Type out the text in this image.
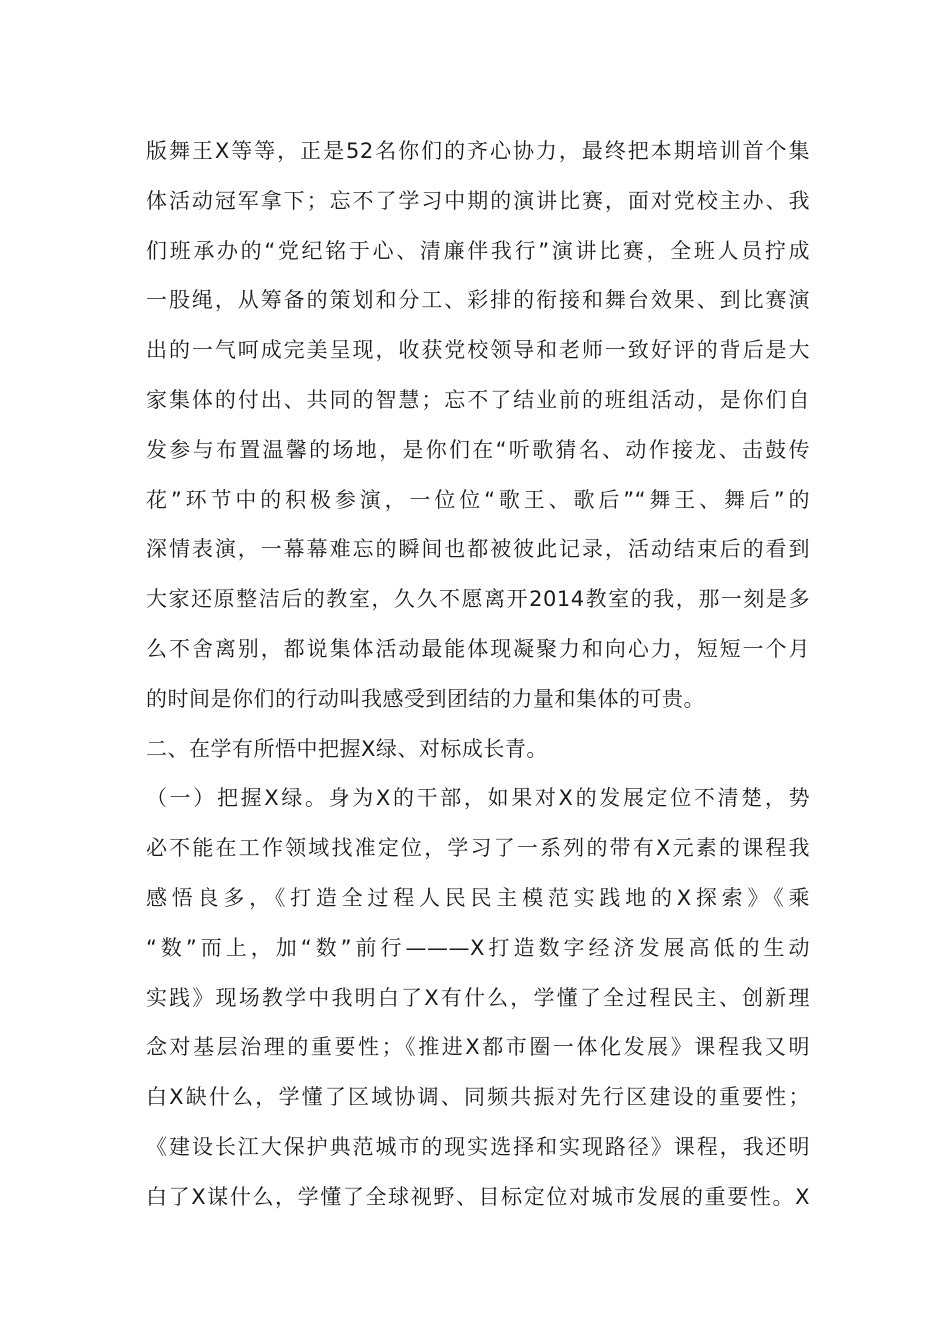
版舞王X等等，正是52名你们的齐心协力，最终把本期培训首个集
体活动冠军拿下；忘不了学习中期的演讲比赛，面对党校主办、我
们班承办的“党纪铭于心、清廉伴我行”演讲比赛，全班人员拧成
一股绳，从筹备的策划和分工、彩排的衔接和舞台效果、到比赛演
出的一气呵成完美呈现，收获党校领导和老师一致好评的背后是大
家集体的付出、共同的智慧；忘不了结业前的班组活动，是你们自
发参与布置温馨的场地，是你们在“听歌猜名、动作接龙、击鼓传
花”环节中的积极参演，一位位“歌王、歌后”“舞王、舞后”的
深情表演，一幕幕难忘的瞬间也都被彼此记录，活动结束后的看到
大家还原整洁后的教室，久久不愿离开2014教室的我，那一刻是多
么不舍离别，都说集体活动最能体现凝聚力和向心力，短短一个月
的时间是你们的行动叫我感受到团结的力量和集体的可贵。
二、在学有所悟中把握X绿、对标成长青。
（一）把握X绿。身为X的干部，如果对X的发展定位不清楚，势
必不能在工作领域找准定位，学习了一系列的带有X元素的课程我
感悟良多，《打造全过程人民民主模范实践地的X探索》《乘
“数”而上，加“数”前行———X打造数字经济发展高低的生动
实践》现场教学中我明白了X有什么，学懂了全过程民主、创新理
念对基层治理的重要性；《推进X都市圈一体化发展》课程我又明
白X缺什么，学懂了区域协调、同频共振对先行区建设的重要性；
《建设长江大保护典范城市的现实选择和实现路径》课程，我还明
白了X谋什么，学懂了全球视野、目标定位对城市发展的重要性。X
